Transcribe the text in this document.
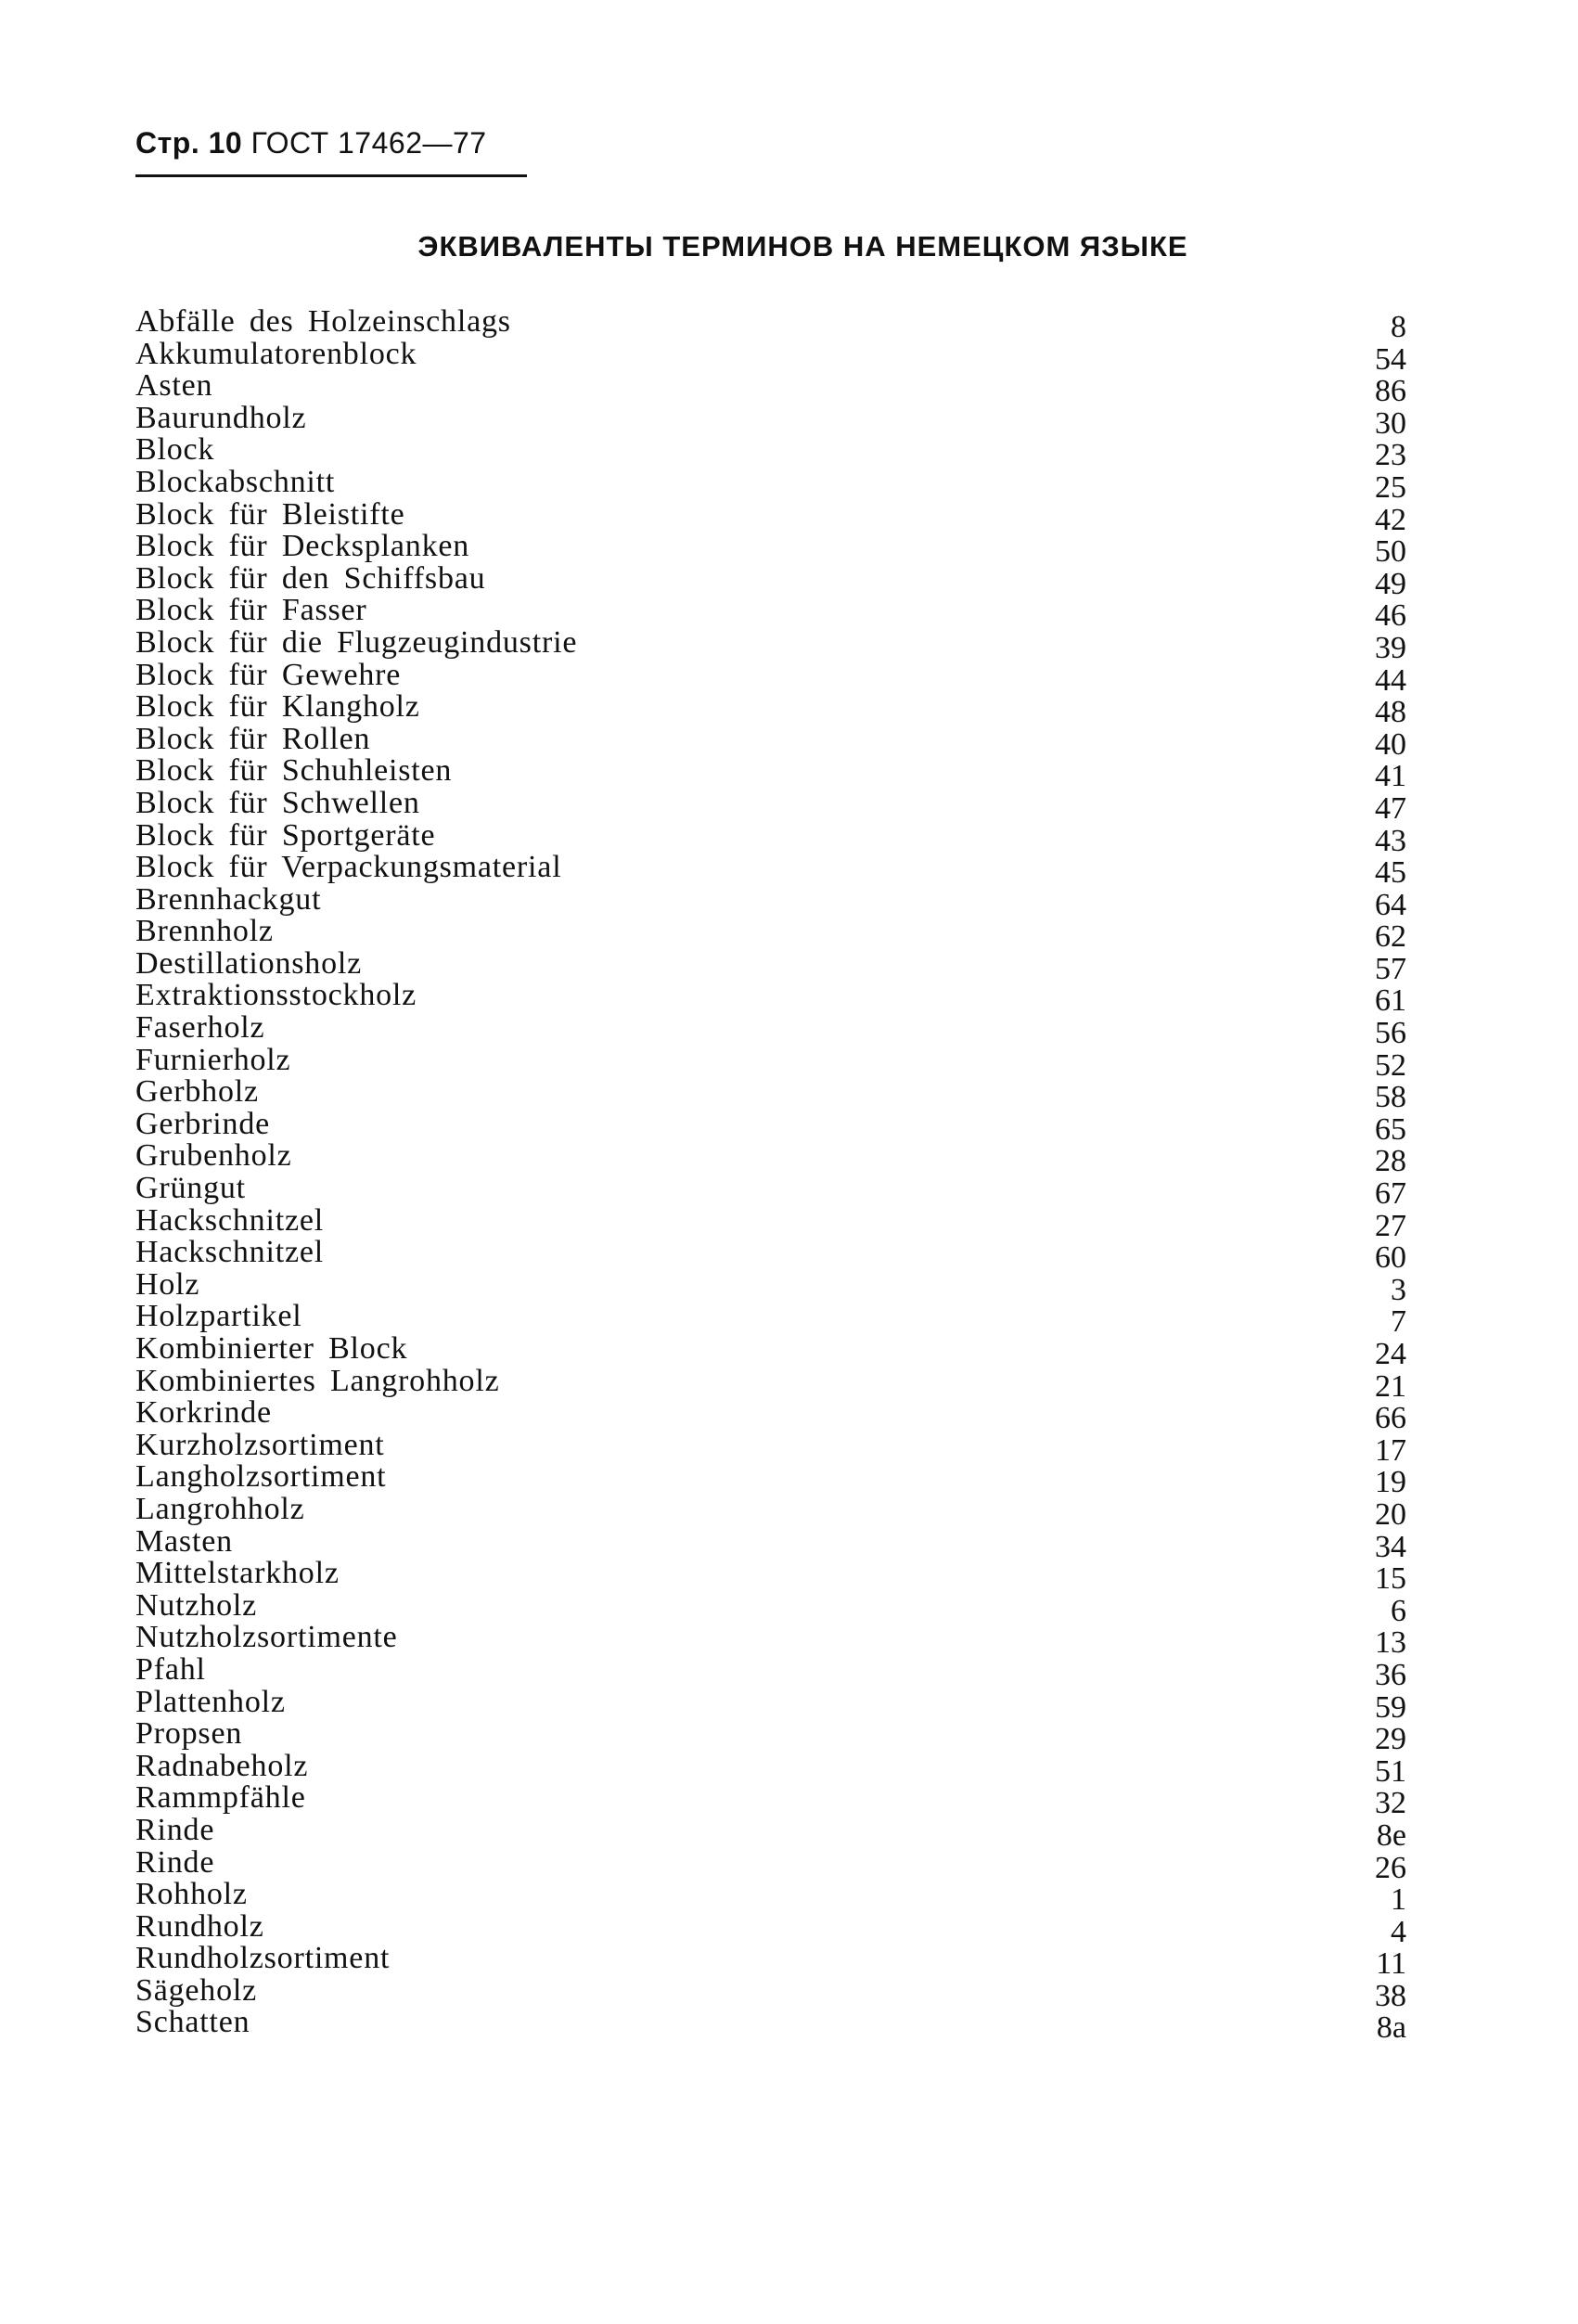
Стр. 10 ГОСТ 17462—77
ЭКВИВАЛЕНТЫ ТЕРМИНОВ НА НЕМЕЦКОМ ЯЗЫКЕ
Abfälle des Holzeinschlags	8
Akkumulatorenblock	54
Asten	86
Baurundholz	30
Block	23
Blockabschnitt	25
Block für Bleistifte	42
Block für Decksplanken	50
Block für den Schiffsbau	49
Block für Fasser	46
Block für die Flugzeugindustrie	39
Block für Gewehre	44
Block für Klangholz	48
Block für Rollen	40
Block für Schuhleisten	41
Block für Schwellen	47
Block für Sportgeräte	43
Block für Verpackungsmaterial	45
Brennhackgut	64
Brennholz	62
Destillationsholz	57
Extraktionsstockholz	61
Faserholz	56
Furnierholz	52
Gerbholz	58
Gerbrinde	65
Grubenholz	28
Grüngut	67
Hackschnitzel	27
Hackschnitzel	60
Holz	3
Holzpartikel	7
Kombinierter Block	24
Kombiniertes Langrohholz	21
Korkrinde	66
Kurzholzsortiment	17
Langholzsortiment	19
Langrohholz	20
Masten	34
Mittelstarkholz	15
Nutzholz	6
Nutzholzsortimente	13
Pfahl	36
Plattenholz	59
Propsen	29
Radnabeholz	51
Rammpfähle	32
Rinde	8e
Rinde	26
Rohholz	1
Rundholz	4
Rundholzsortiment	11
Sägeholz	38
Schatten	8a
